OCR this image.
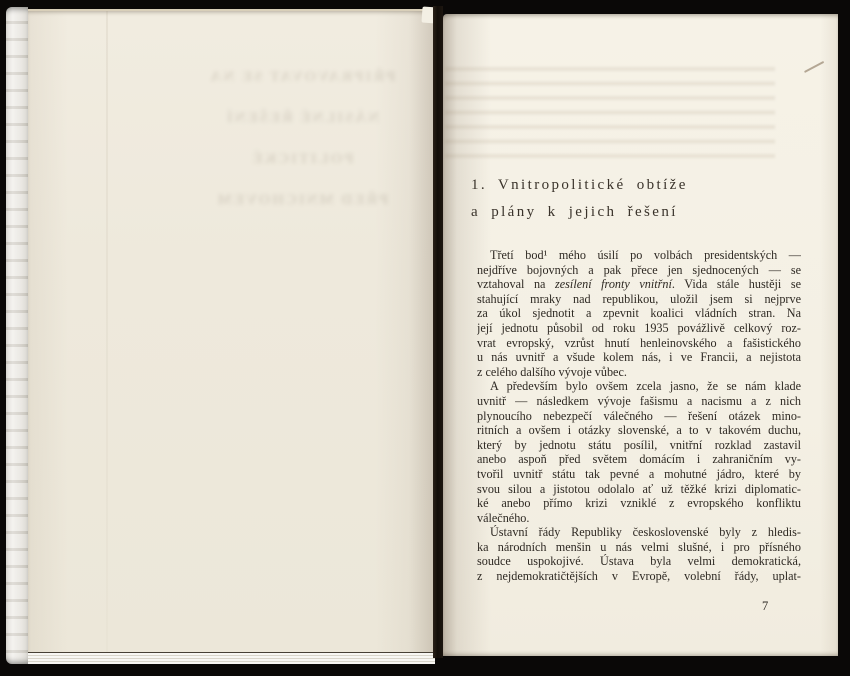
PŘIPRAVOVAT SE NA
NÁSILNÉ ŘEŠENÍ POLITICKÉ
PŘED MNICHOVEM
1. Vnitropolitické obtíže
a plány k jejich řešení
Třetí bod¹ mého úsilí po volbách presidentských —
nejdříve bojovných a pak přece jen sjednocených — se
vztahoval na zesílení fronty vnitřní. Vida stále hustěji se
stahující mraky nad republikou, uložil jsem si nejprve
za úkol sjednotit a zpevnit koalici vládních stran. Na
její jednotu působil od roku 1935 povážlivě celkový roz-
vrat evropský, vzrůst hnutí henleinovského a fašistického
u nás uvnitř a všude kolem nás, i ve Francii, a nejistota
z celého dalšího vývoje vůbec.
A především bylo ovšem zcela jasno, že se nám klade
uvnitř — následkem vývoje fašismu a nacismu a z nich
plynoucího nebezpečí válečného — řešení otázek mino-
ritních a ovšem i otázky slovenské, a to v takovém duchu,
který by jednotu státu posílil, vnitřní rozklad zastavil
anebo aspoň před světem domácím i zahraničním vy-
tvořil uvnitř státu tak pevné a mohutné jádro, které by
svou silou a jistotou odolalo ať už těžké krizi diplomatic-
ké anebo přímo krizi vzniklé z evropského konfliktu
válečného.
Ústavní řády Republiky československé byly z hledis-
ka národních menšin u nás velmi slušné, i pro přísného
soudce uspokojivé. Ústava byla velmi demokratická,
z nejdemokratičtějších v Evropě, volební řády, uplat-
7
